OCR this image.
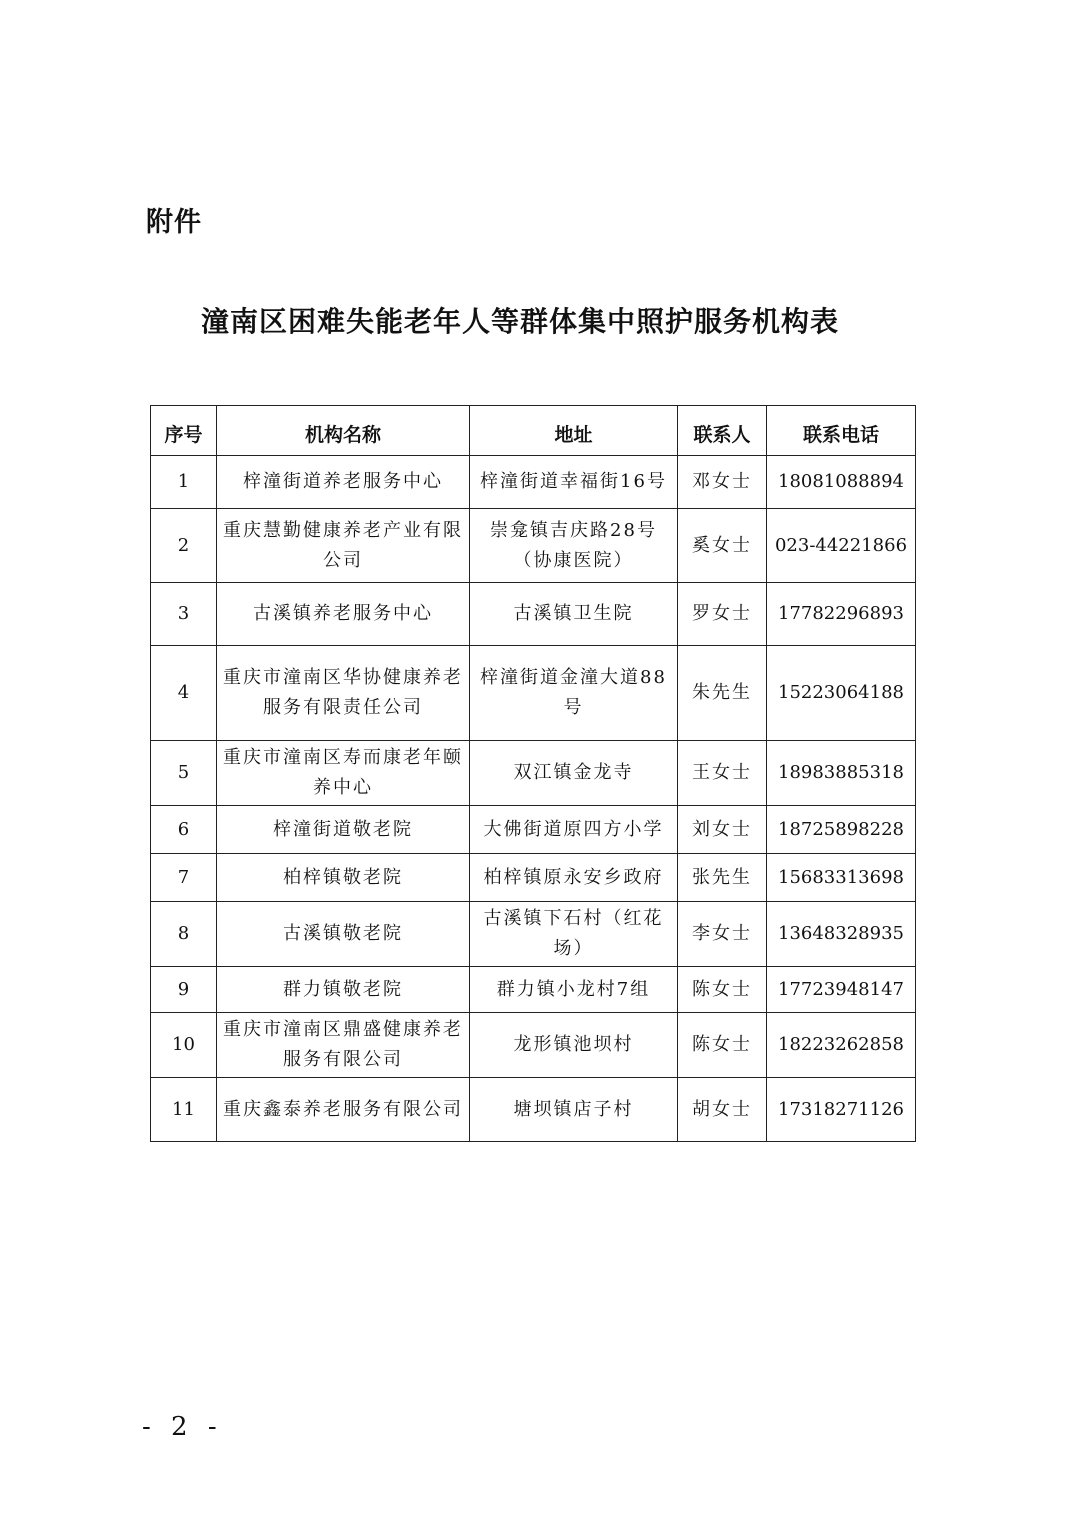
附件
潼南区困难失能老年人等群体集中照护服务机构表
序号	机构名称	地址	联系人	联系电话
1	梓潼街道养老服务中心	梓潼街道幸福街16号	邓女士	18081088894
2	重庆慧勤健康养老产业有限公司	崇龛镇吉庆路28号（协康医院）	奚女士	023-44221866
3	古溪镇养老服务中心	古溪镇卫生院	罗女士	17782296893
4	重庆市潼南区华协健康养老服务有限责任公司	梓潼街道金潼大道88号	朱先生	15223064188
5	重庆市潼南区寿而康老年颐养中心	双江镇金龙寺	王女士	18983885318
6	梓潼街道敬老院	大佛街道原四方小学	刘女士	18725898228
7	柏梓镇敬老院	柏梓镇原永安乡政府	张先生	15683313698
8	古溪镇敬老院	古溪镇下石村（红花场）	李女士	13648328935
9	群力镇敬老院	群力镇小龙村7组	陈女士	17723948147
10	重庆市潼南区鼎盛健康养老服务有限公司	龙形镇池坝村	陈女士	18223262858
11	重庆鑫泰养老服务有限公司	塘坝镇店子村	胡女士	17318271126
- 2 -
